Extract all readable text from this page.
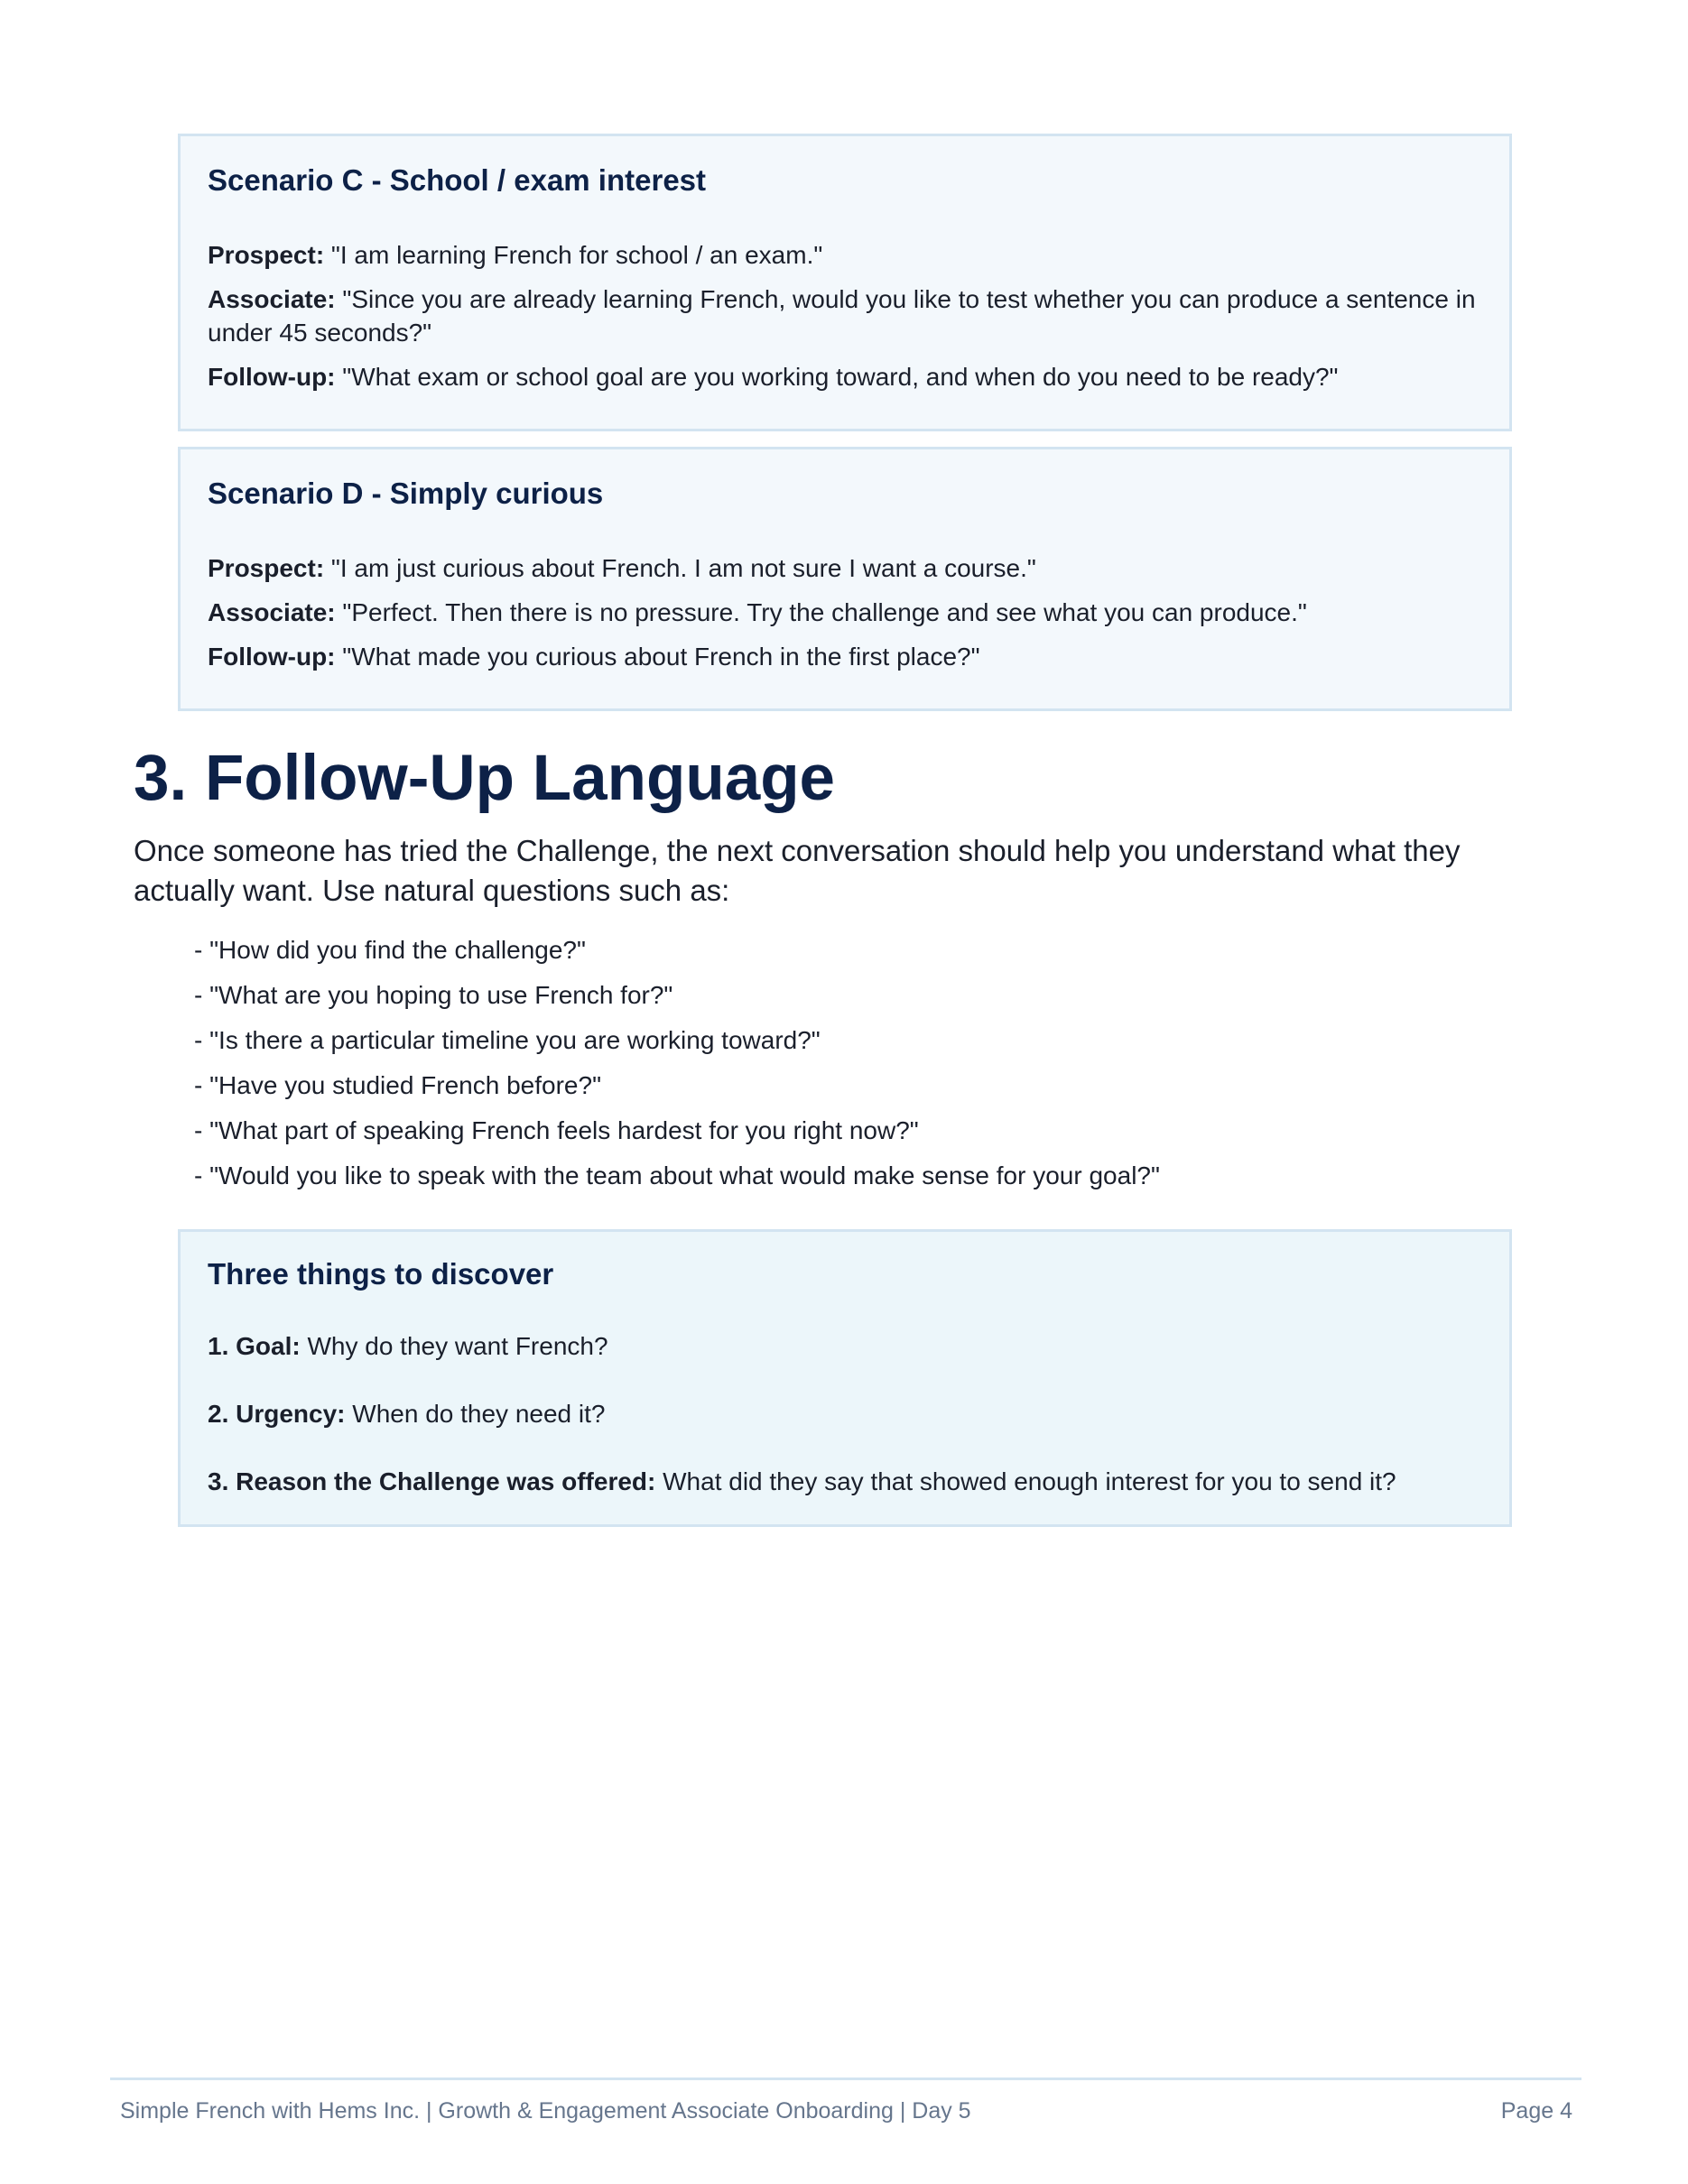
Scenario C - School / exam interest

Prospect: "I am learning French for school / an exam."

Associate: "Since you are already learning French, would you like to test whether you can produce a sentence in under 45 seconds?"

Follow-up: "What exam or school goal are you working toward, and when do you need to be ready?"

Scenario D - Simply curious

Prospect: "I am just curious about French. I am not sure I want a course."

Associate: "Perfect. Then there is no pressure. Try the challenge and see what you can produce."

Follow-up: "What made you curious about French in the first place?"

3. Follow-Up Language

Once someone has tried the Challenge, the next conversation should help you understand what they actually want. Use natural questions such as:

- "How did you find the challenge?"
- "What are you hoping to use French for?"
- "Is there a particular timeline you are working toward?"
- "Have you studied French before?"
- "What part of speaking French feels hardest for you right now?"
- "Would you like to speak with the team about what would make sense for your goal?"
Three things to discover

1. Goal: Why do they want French?

2. Urgency: When do they need it?

3. Reason the Challenge was offered: What did they say that showed enough interest for you to send it?

Simple French with Hems Inc. | Growth & Engagement Associate Onboarding | Day 5	Page 4
